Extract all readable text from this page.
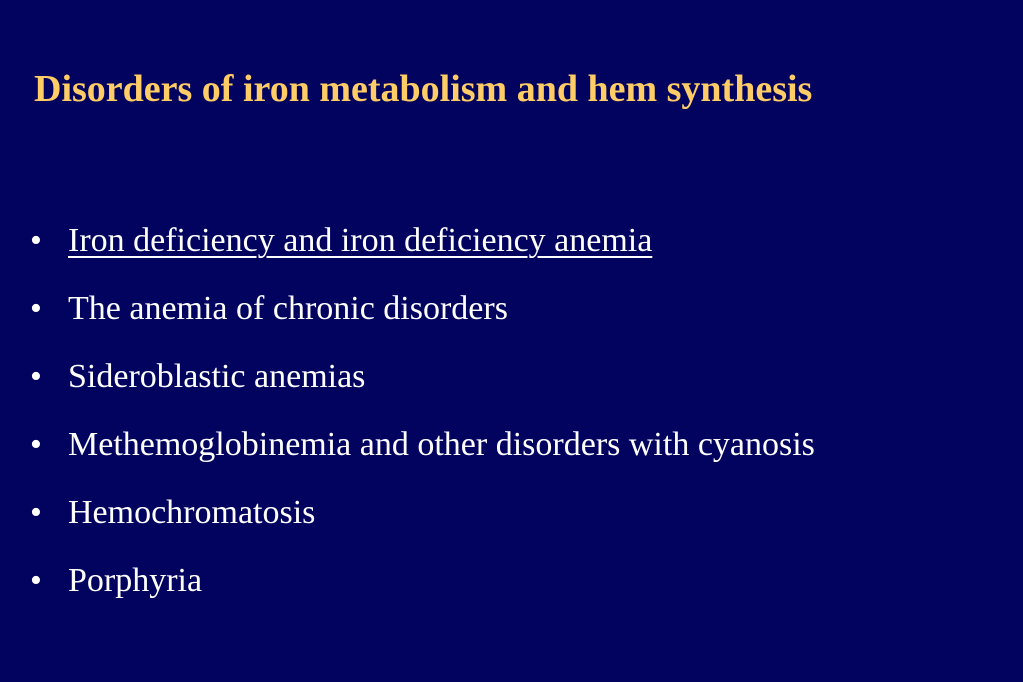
Disorders of iron metabolism and hem synthesis
• Iron deficiency and iron deficiency anemia
• The anemia of chronic disorders
• Sideroblastic anemias
• Methemoglobinemia and other disorders with cyanosis
• Hemochromatosis
• Porphyria
